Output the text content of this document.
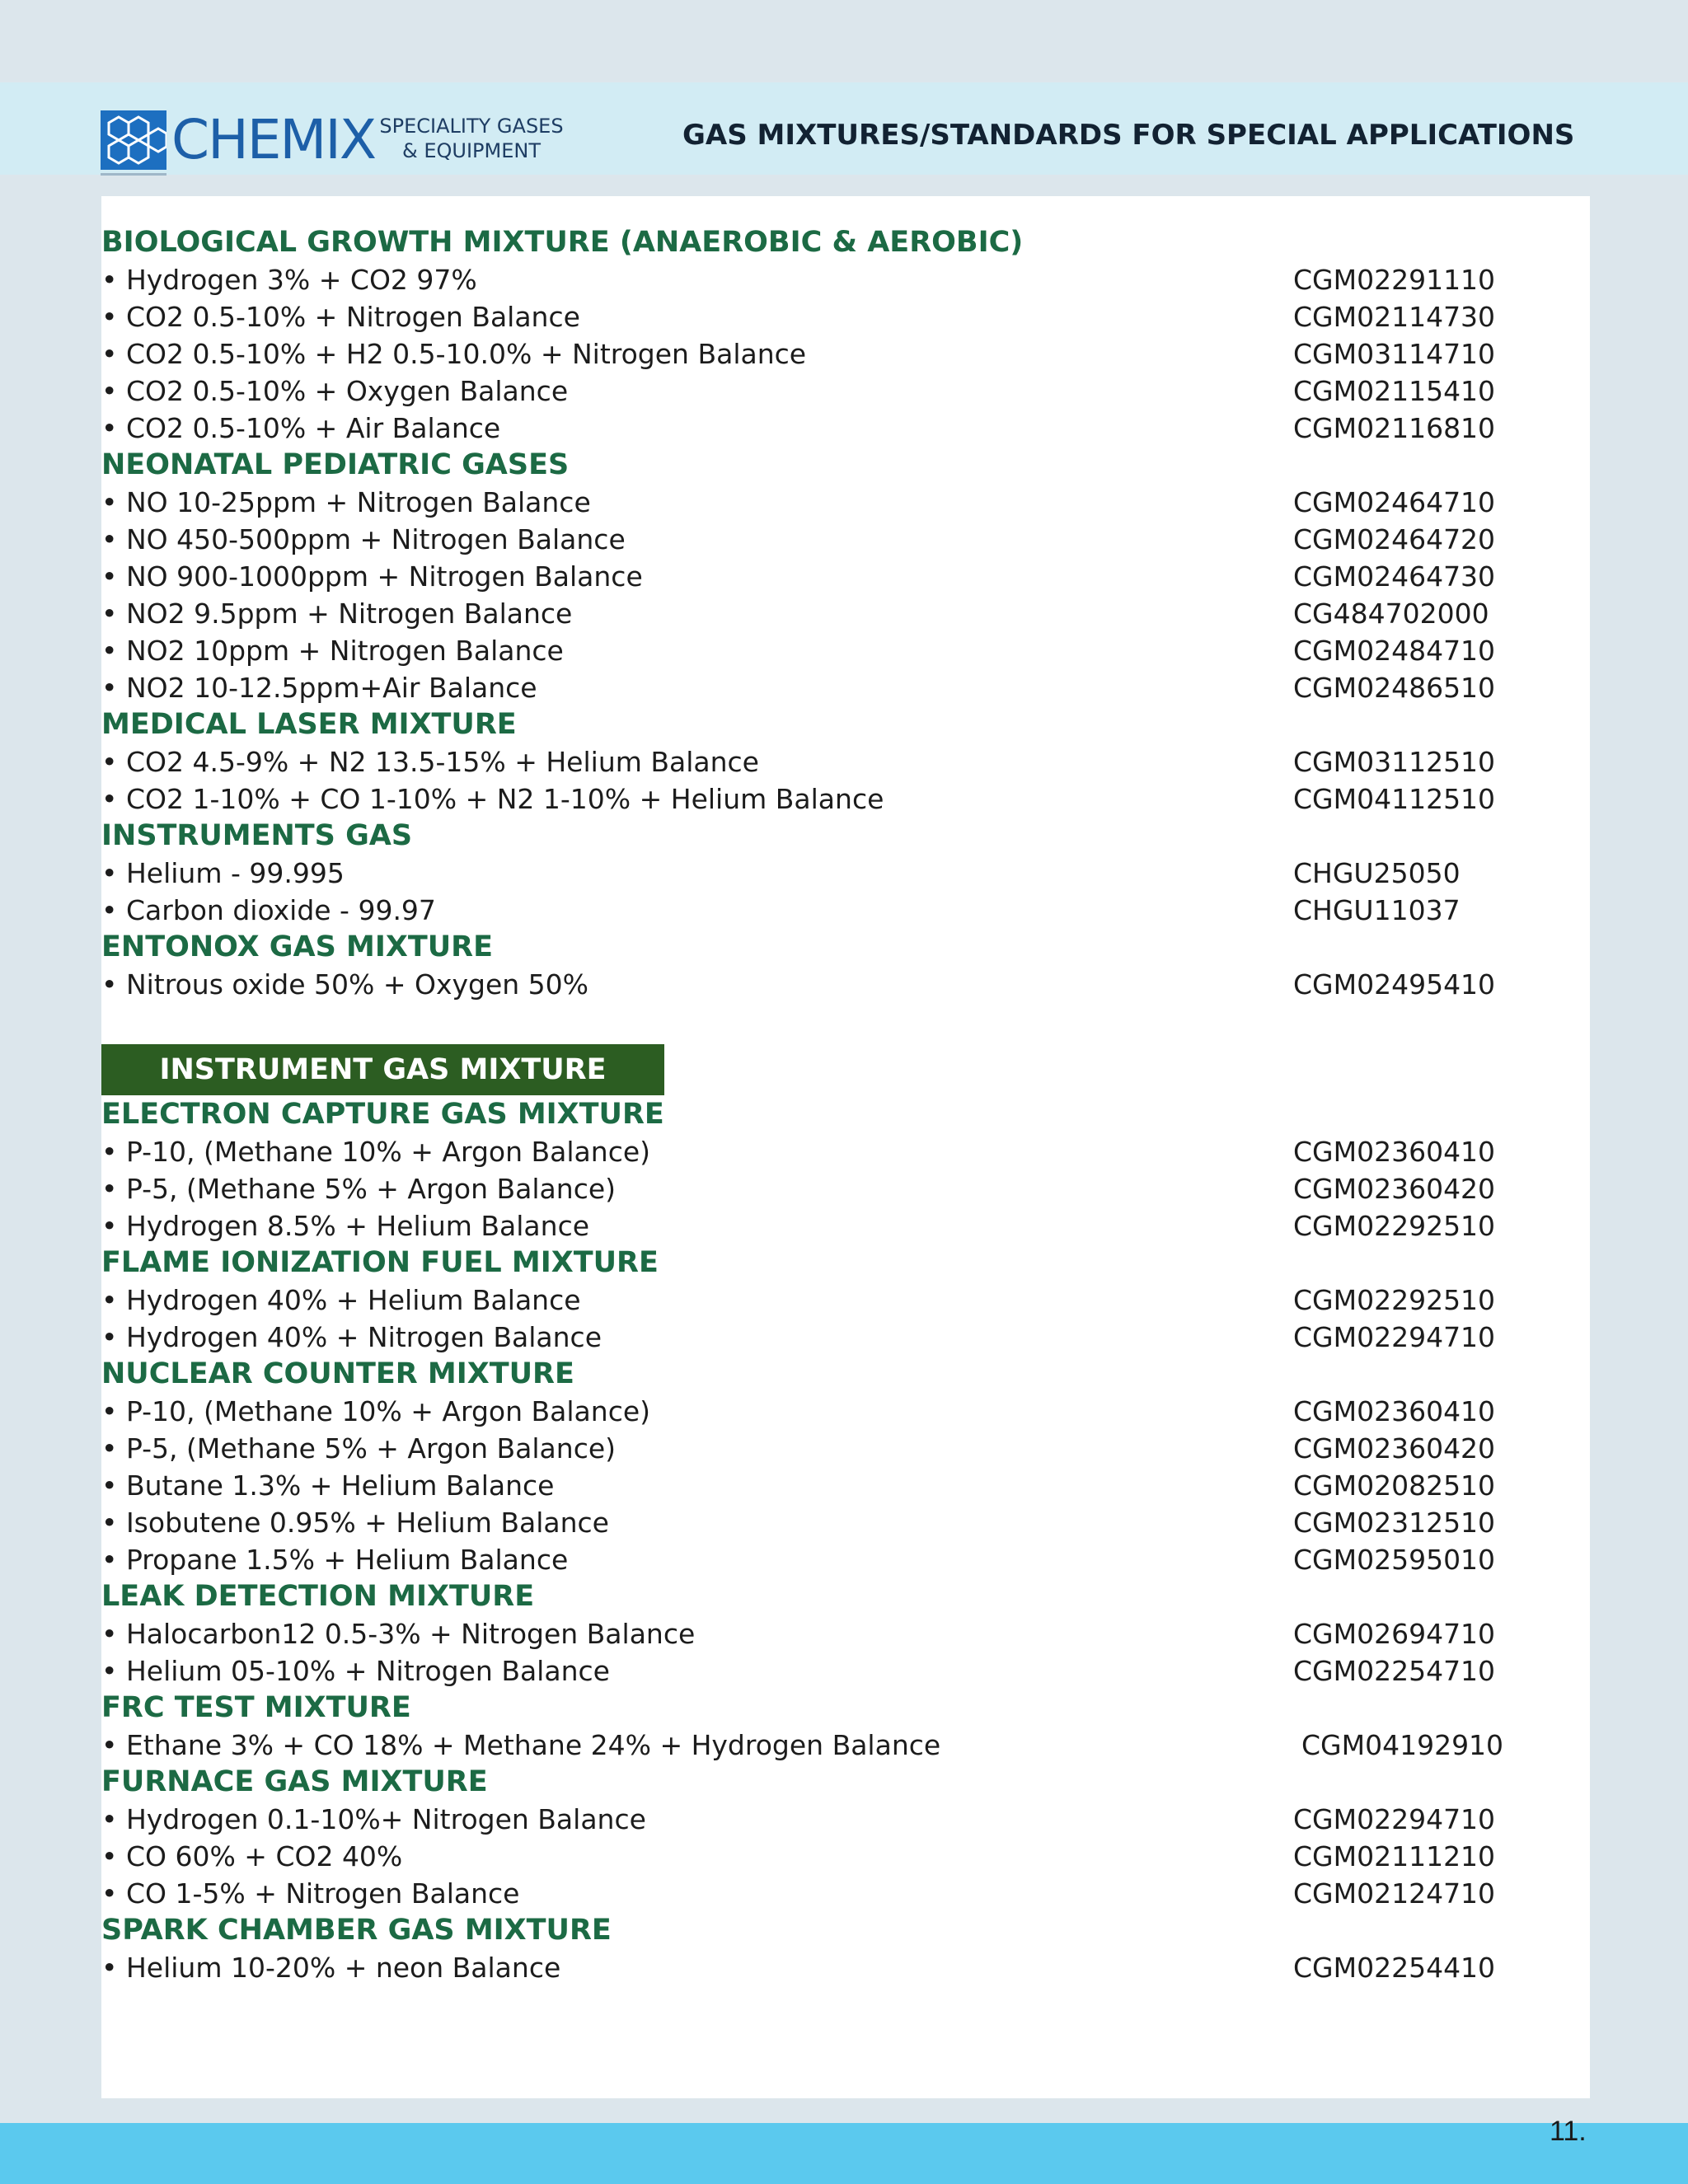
CHEMIX SPECIALITY GASES
& EQUIPMENT	GAS MIXTURES/STANDARDS FOR SPECIAL APPLICATIONS
BIOLOGICAL GROWTH MIXTURE (ANAEROBIC & AEROBIC)
• Hydrogen 3% + CO2 97%	CGM02291110
• CO2 0.5-10% + Nitrogen Balance	CGM02114730
• CO2 0.5-10% + H2 0.5-10.0% + Nitrogen Balance	CGM03114710
• CO2 0.5-10% + Oxygen Balance	CGM02115410
• CO2 0.5-10% + Air Balance	CGM02116810
NEONATAL PEDIATRIC GASES
• NO 10-25ppm + Nitrogen Balance	CGM02464710
• NO 450-500ppm + Nitrogen Balance	CGM02464720
• NO 900-1000ppm + Nitrogen Balance	CGM02464730
• NO2 9.5ppm + Nitrogen Balance	CG484702000
• NO2 10ppm + Nitrogen Balance	CGM02484710
• NO2 10-12.5ppm+Air Balance	CGM02486510
MEDICAL LASER MIXTURE
• CO2 4.5-9% + N2 13.5-15% + Helium Balance	CGM03112510
• CO2 1-10% + CO 1-10% + N2 1-10% + Helium Balance	CGM04112510
INSTRUMENTS GAS
• Helium - 99.995	CHGU25050
• Carbon dioxide - 99.97	CHGU11037
ENTONOX GAS MIXTURE
• Nitrous oxide 50% + Oxygen 50%	CGM02495410
INSTRUMENT GAS MIXTURE
ELECTRON CAPTURE GAS MIXTURE
• P-10, (Methane 10% + Argon Balance)	CGM02360410
• P-5, (Methane 5% + Argon Balance)	CGM02360420
• Hydrogen 8.5% + Helium Balance	CGM02292510
FLAME IONIZATION FUEL MIXTURE
• Hydrogen 40% + Helium Balance	CGM02292510
• Hydrogen 40% + Nitrogen Balance	CGM02294710
NUCLEAR COUNTER MIXTURE
• P-10, (Methane 10% + Argon Balance)	CGM02360410
• P-5, (Methane 5% + Argon Balance)	CGM02360420
• Butane 1.3% + Helium Balance	CGM02082510
• Isobutene 0.95% + Helium Balance	CGM02312510
• Propane 1.5% + Helium Balance	CGM02595010
LEAK DETECTION MIXTURE
• Halocarbon12 0.5-3% + Nitrogen Balance	CGM02694710
• Helium 05-10% + Nitrogen Balance	CGM02254710
FRC TEST MIXTURE
• Ethane 3% + CO 18% + Methane 24% + Hydrogen Balance	CGM04192910
FURNACE GAS MIXTURE
• Hydrogen 0.1-10%+ Nitrogen Balance	CGM02294710
• CO 60% + CO2 40%	CGM02111210
• CO 1-5% + Nitrogen Balance	CGM02124710
SPARK CHAMBER GAS MIXTURE
• Helium 10-20% + neon Balance	CGM02254410
11.
